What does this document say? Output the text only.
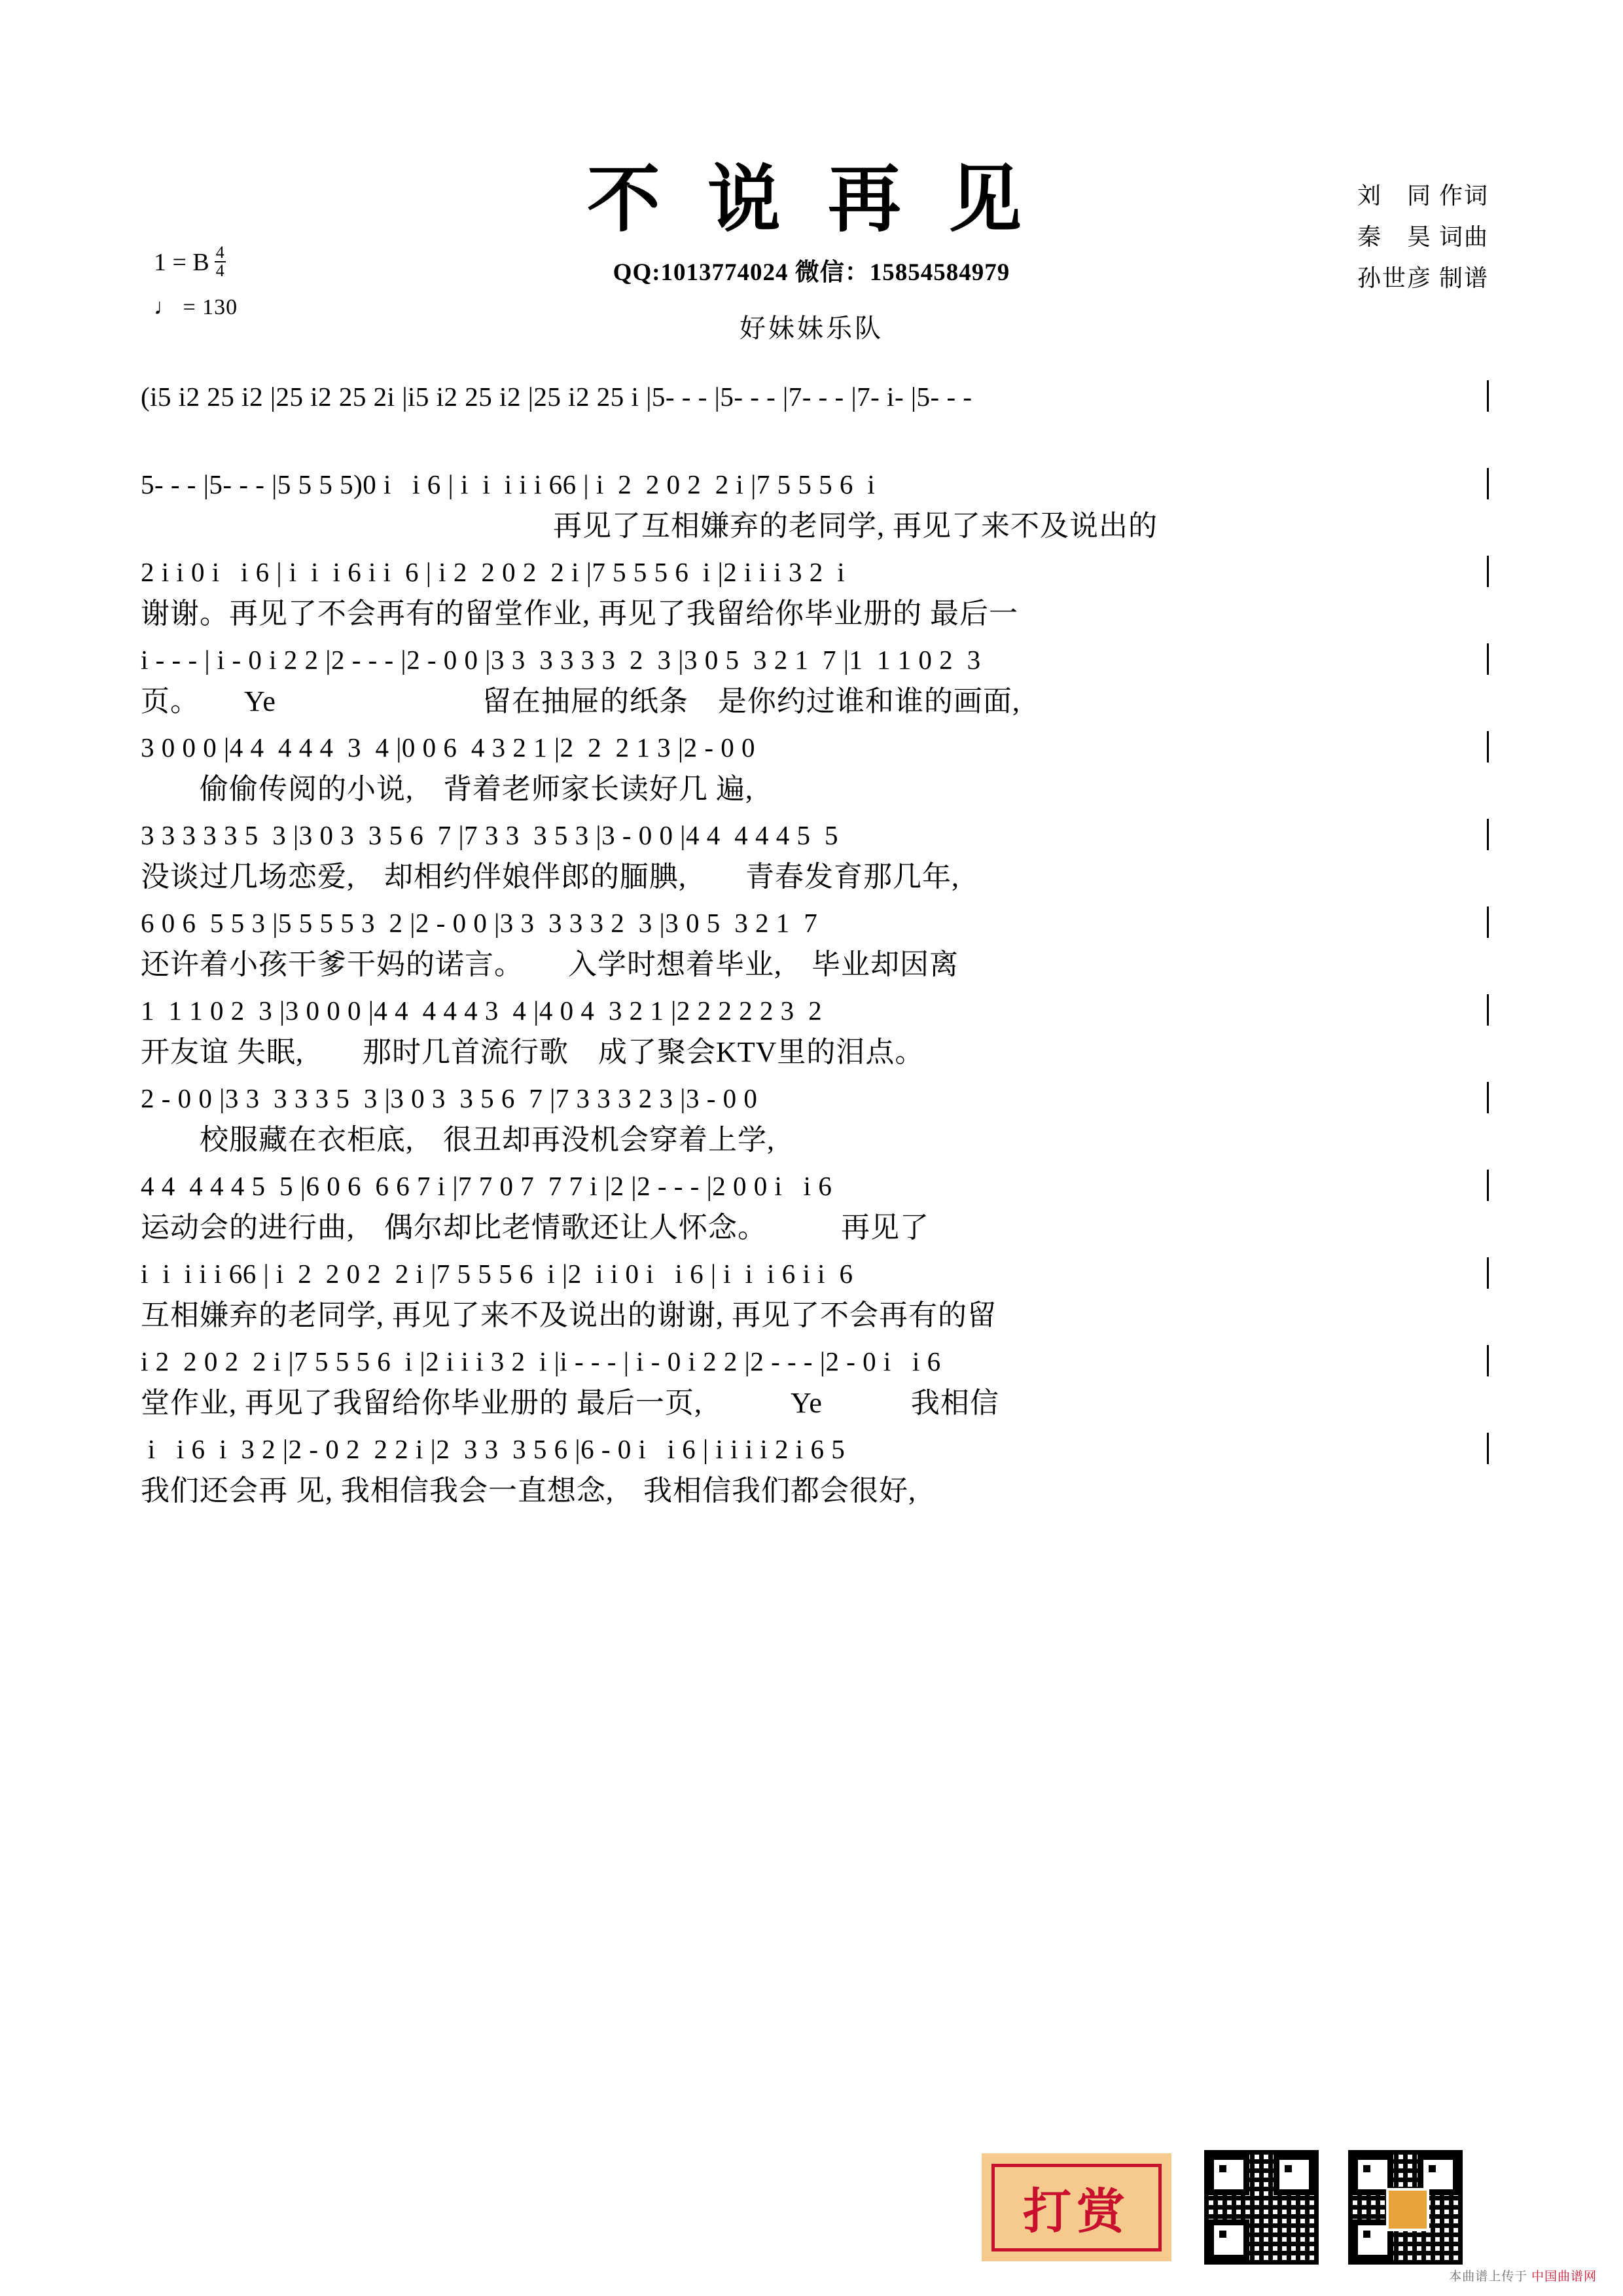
不 说 再 见
QQ:1013774024 微信：15854584979
好妹妹乐队
1 = B $\frac{4}{4}$
♩ = 130
刘　同 作词
秦　昊 词曲
孙世彦 制谱
(i5 i2 25 i2 |25 i2 25 2i |i5 i2 25 i2 |25 i2 25 i |5- - - |5- - - |7- - - |7- i- |5- - -
5- - - |5- - - |5 5 5 5)0 i   i 6 | i  i  i i i 66 | i  2  2 0 2  2 i |7 5 5 5 6  i
　　　　　　　　　　　　　　再见了互相嫌弃的老同学, 再见了来不及说出的
2 i i 0 i   i 6 | i  i  i 6 i i  6 | i 2  2 0 2  2 i |7 5 5 5 6  i |2 i i i 3 2  i
谢谢。再见了不会再有的留堂作业, 再见了我留给你毕业册的 最后一
i - - - | i - 0 i 2 2 |2 - - - |2 - 0 0 |3 3  3 3 3 3  2  3 |3 0 5  3 2 1  7 |1  1 1 0 2  3
页。　　Ye　　　　　　　留在抽屉的纸条　是你约过谁和谁的画面,
3 0 0 0 |4 4  4 4 4  3  4 |0 0 6  4 3 2 1 |2  2  2 1 3 |2 - 0 0
　　偷偷传阅的小说,　背着老师家长读好几 遍,
3 3 3 3 3 5  3 |3 0 3  3 5 6  7 |7 3 3  3 5 3 |3 - 0 0 |4 4  4 4 4 5  5
没谈过几场恋爱,　却相约伴娘伴郎的腼腆,　　青春发育那几年,
6 0 6  5 5 3 |5 5 5 5 3  2 |2 - 0 0 |3 3  3 3 3 2  3 |3 0 5  3 2 1  7
还许着小孩干爹干妈的诺言。　　入学时想着毕业,　毕业却因离
1  1 1 0 2  3 |3 0 0 0 |4 4  4 4 4 3  4 |4 0 4  3 2 1 |2 2 2 2 2 3  2
开友谊 失眠,　　那时几首流行歌　成了聚会KTV里的泪点。
2 - 0 0 |3 3  3 3 3 5  3 |3 0 3  3 5 6  7 |7 3 3 3 2 3 |3 - 0 0
　　校服藏在衣柜底,　很丑却再没机会穿着上学,
4 4  4 4 4 5  5 |6 0 6  6 6 7 i |7 7 0 7  7 7 i |2 |2 - - - |2 0 0 i   i 6
运动会的进行曲,　偶尔却比老情歌还让人怀念。　　　再见了
i  i  i i i 66 | i  2  2 0 2  2 i |7 5 5 5 6  i |2  i i 0 i   i 6 | i  i  i 6 i i  6
互相嫌弃的老同学, 再见了来不及说出的谢谢, 再见了不会再有的留
i 2  2 0 2  2 i |7 5 5 5 6  i |2 i i i 3 2  i |i - - - | i - 0 i 2 2 |2 - - - |2 - 0 i   i 6
堂作业, 再见了我留给你毕业册的 最后一页,　　　Ye　　　我相信
i   i 6  i  3 2 |2 - 0 2  2 2 i |2  3 3  3 5 6 |6 - 0 i   i 6 | i i i i 2 i 6 5
我们还会再 见, 我相信我会一直想念,　我相信我们都会很好,
打赏
本曲谱上传于 中国曲谱网
